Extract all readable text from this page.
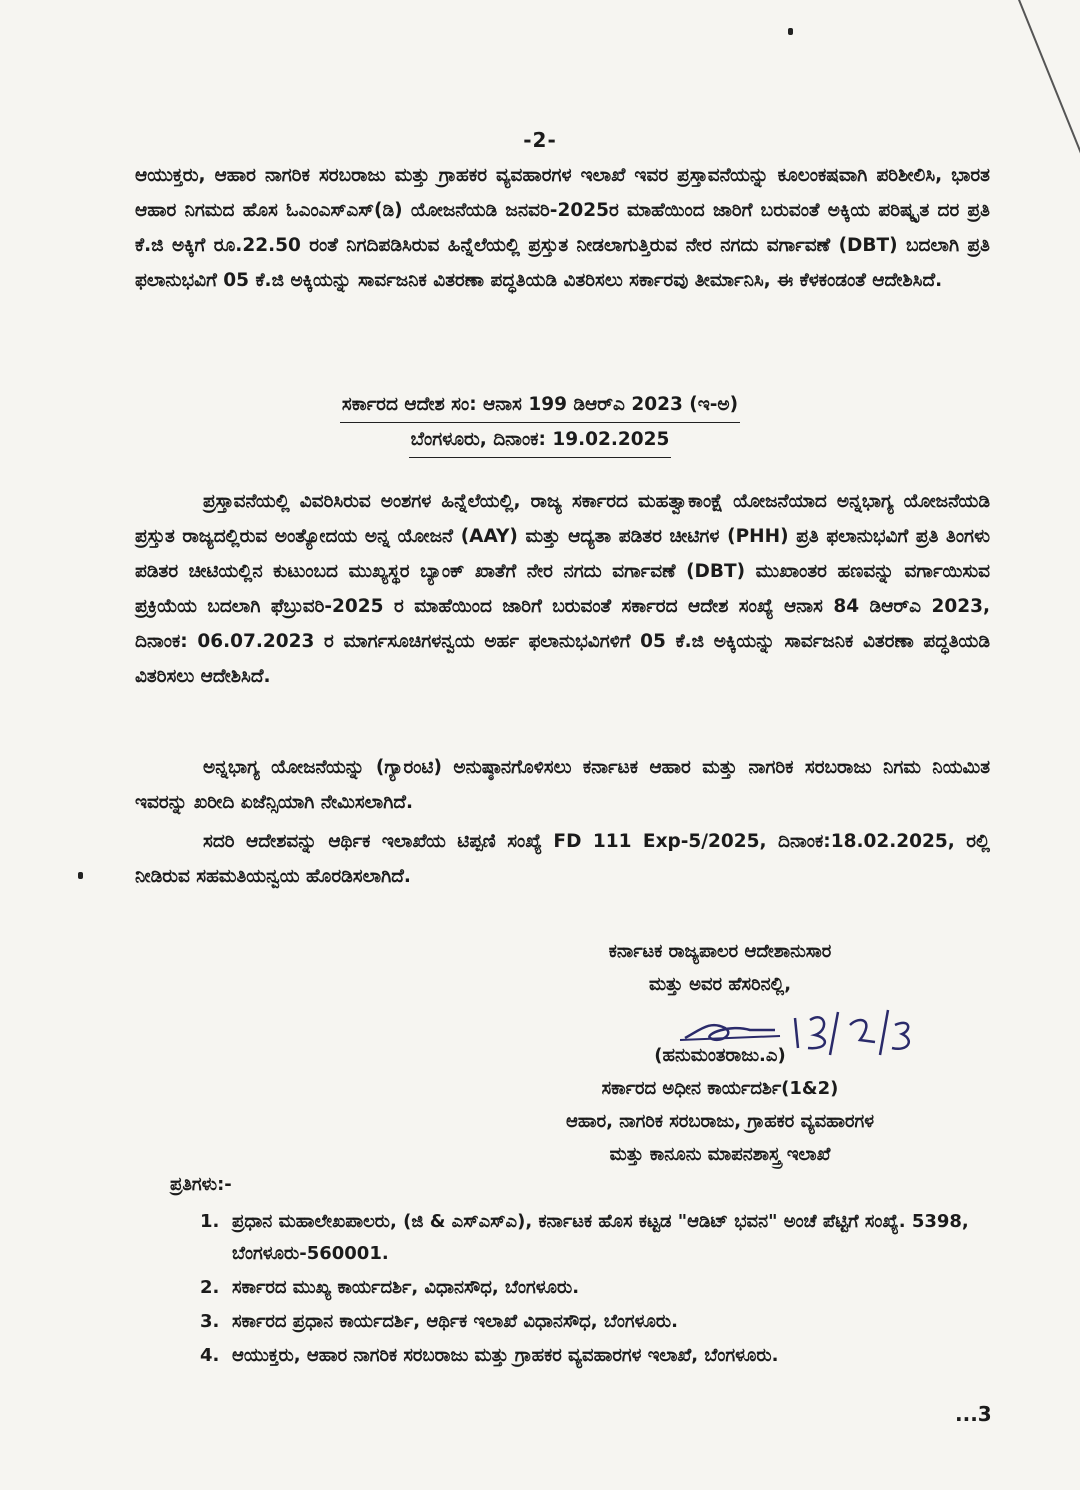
-2-
ಆಯುಕ್ತರು, ಆಹಾರ ನಾಗರಿಕ ಸರಬರಾಜು ಮತ್ತು ಗ್ರಾಹಕರ ವ್ಯವಹಾರಗಳ ಇಲಾಖೆ ಇವರ ಪ್ರಸ್ತಾವನೆಯನ್ನು ಕೂಲಂಕಷವಾಗಿ ಪರಿಶೀಲಿಸಿ, ಭಾರತ ಆಹಾರ ನಿಗಮದ ಹೊಸ ಓಎಂಎಸ್‌ಎಸ್(ಡಿ) ಯೋಜನೆಯಡಿ ಜನವರಿ-2025ರ ಮಾಹೆಯಿಂದ ಜಾರಿಗೆ ಬರುವಂತೆ ಅಕ್ಕಿಯ ಪರಿಷ್ಕೃತ ದರ ಪ್ರತಿ ಕೆ.ಜಿ ಅಕ್ಕಿಗೆ ರೂ.22.50 ರಂತೆ ನಿಗದಿಪಡಿಸಿರುವ ಹಿನ್ನೆಲೆಯಲ್ಲಿ ಪ್ರಸ್ತುತ ನೀಡಲಾಗುತ್ತಿರುವ ನೇರ ನಗದು ವರ್ಗಾವಣೆ (DBT) ಬದಲಾಗಿ ಪ್ರತಿ ಫಲಾನುಭವಿಗೆ 05 ಕೆ.ಜಿ ಅಕ್ಕಿಯನ್ನು ಸಾರ್ವಜನಿಕ ವಿತರಣಾ ಪದ್ಧತಿಯಡಿ ವಿತರಿಸಲು ಸರ್ಕಾರವು ತೀರ್ಮಾನಿಸಿ, ಈ ಕೆಳಕಂಡಂತೆ ಆದೇಶಿಸಿದೆ.
ಸರ್ಕಾರದ ಆದೇಶ ಸಂ: ಆನಾಸ 199 ಡಿಆರ್‌ಎ 2023 (ಇ-ಅ)
ಬೆಂಗಳೂರು, ದಿನಾಂಕ: 19.02.2025
ಪ್ರಸ್ತಾವನೆಯಲ್ಲಿ ವಿವರಿಸಿರುವ ಅಂಶಗಳ ಹಿನ್ನೆಲೆಯಲ್ಲಿ, ರಾಜ್ಯ ಸರ್ಕಾರದ ಮಹತ್ವಾಕಾಂಕ್ಷೆ ಯೋಜನೆಯಾದ ಅನ್ನಭಾಗ್ಯ ಯೋಜನೆಯಡಿ ಪ್ರಸ್ತುತ ರಾಜ್ಯದಲ್ಲಿರುವ ಅಂತ್ಯೋದಯ ಅನ್ನ ಯೋಜನೆ (AAY) ಮತ್ತು ಆದ್ಯತಾ ಪಡಿತರ ಚೀಟಿಗಳ (PHH) ಪ್ರತಿ ಫಲಾನುಭವಿಗೆ ಪ್ರತಿ ತಿಂಗಳು ಪಡಿತರ ಚೀಟಿಯಲ್ಲಿನ ಕುಟುಂಬದ ಮುಖ್ಯಸ್ಥರ ಬ್ಯಾಂಕ್ ಖಾತೆಗೆ ನೇರ ನಗದು ವರ್ಗಾವಣೆ (DBT) ಮುಖಾಂತರ ಹಣವನ್ನು ವರ್ಗಾಯಿಸುವ ಪ್ರಕ್ರಿಯೆಯ ಬದಲಾಗಿ ಫೆಬ್ರುವರಿ-2025 ರ ಮಾಹೆಯಿಂದ ಜಾರಿಗೆ ಬರುವಂತೆ ಸರ್ಕಾರದ ಆದೇಶ ಸಂಖ್ಯೆ ಆನಾಸ 84 ಡಿಆರ್‌ಎ 2023, ದಿನಾಂಕ: 06.07.2023 ರ ಮಾರ್ಗಸೂಚಿಗಳನ್ವಯ ಅರ್ಹ ಫಲಾನುಭವಿಗಳಿಗೆ 05 ಕೆ.ಜಿ ಅಕ್ಕಿಯನ್ನು ಸಾರ್ವಜನಿಕ ವಿತರಣಾ ಪದ್ಧತಿಯಡಿ ವಿತರಿಸಲು ಆದೇಶಿಸಿದೆ.
ಅನ್ನಭಾಗ್ಯ ಯೋಜನೆಯನ್ನು (ಗ್ಯಾರಂಟಿ) ಅನುಷ್ಠಾನಗೊಳಿಸಲು ಕರ್ನಾಟಕ ಆಹಾರ ಮತ್ತು ನಾಗರಿಕ ಸರಬರಾಜು ನಿಗಮ ನಿಯಮಿತ ಇವರನ್ನು ಖರೀದಿ ಏಜೆನ್ಸಿಯಾಗಿ ನೇಮಿಸಲಾಗಿದೆ.
ಸದರಿ ಆದೇಶವನ್ನು ಆರ್ಥಿಕ ಇಲಾಖೆಯ ಟಿಪ್ಪಣಿ ಸಂಖ್ಯೆ FD 111 Exp-5/2025, ದಿನಾಂಕ:18.02.2025, ರಲ್ಲಿ ನೀಡಿರುವ ಸಹಮತಿಯನ್ವಯ ಹೊರಡಿಸಲಾಗಿದೆ.
ಕರ್ನಾಟಕ ರಾಜ್ಯಪಾಲರ ಆದೇಶಾನುಸಾರ
ಮತ್ತು ಅವರ ಹೆಸರಿನಲ್ಲಿ,
(ಹನುಮಂತರಾಜು.ಎ)
ಸರ್ಕಾರದ ಅಧೀನ ಕಾರ್ಯದರ್ಶಿ(1&2)
ಆಹಾರ, ನಾಗರಿಕ ಸರಬರಾಜು, ಗ್ರಾಹಕರ ವ್ಯವಹಾರಗಳ
ಮತ್ತು ಕಾನೂನು ಮಾಪನಶಾಸ್ತ್ರ ಇಲಾಖೆ
ಪ್ರತಿಗಳು:-
1. ಪ್ರಧಾನ ಮಹಾಲೇಖಪಾಲರು, (ಜಿ & ಎಸ್‌ಎಸ್‌ಎ), ಕರ್ನಾಟಕ ಹೊಸ ಕಟ್ಟಡ "ಆಡಿಟ್ ಭವನ" ಅಂಚೆ ಪೆಟ್ಟಿಗೆ ಸಂಖ್ಯೆ. 5398, ಬೆಂಗಳೂರು-560001.
2. ಸರ್ಕಾರದ ಮುಖ್ಯ ಕಾರ್ಯದರ್ಶಿ, ವಿಧಾನಸೌಧ, ಬೆಂಗಳೂರು.
3. ಸರ್ಕಾರದ ಪ್ರಧಾನ ಕಾರ್ಯದರ್ಶಿ, ಆರ್ಥಿಕ ಇಲಾಖೆ ವಿಧಾನಸೌಧ, ಬೆಂಗಳೂರು.
4. ಆಯುಕ್ತರು, ಆಹಾರ ನಾಗರಿಕ ಸರಬರಾಜು ಮತ್ತು ಗ್ರಾಹಕರ ವ್ಯವಹಾರಗಳ ಇಲಾಖೆ, ಬೆಂಗಳೂರು.
...3
